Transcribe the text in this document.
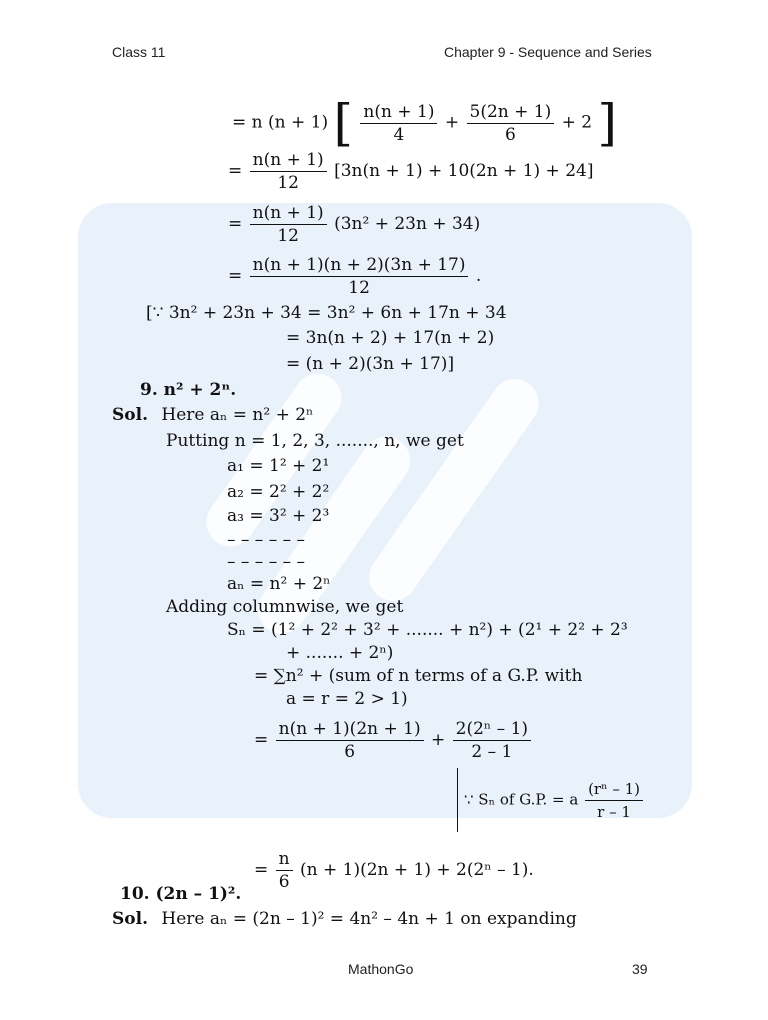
Class 11	Chapter 9 - Sequence and Series
= n (n + 1) [ $\frac{n(n + 1)}{4} + \frac{5(2n + 1)}{6} + 2$ ]
= $\frac{n(n + 1)}{12} [3n(n + 1) + 10(2n + 1) + 24]$
= $\frac{n(n + 1)}{12} (3n^2 + 23n + 34)$
= $\frac{n(n + 1)(n + 2)(3n + 17)}{12}$ .
[∵ 3n² + 23n + 34 = 3n² + 6n + 17n + 34
= 3n(n + 2) + 17(n + 2)
= (n + 2)(3n + 17)]
9. n² + 2ⁿ.
Sol. Here aₙ = n² + 2ⁿ
Putting n = 1, 2, 3, ......., n, we get
a₁ = 1² + 2¹
a₂ = 2² + 2²
a₃ = 3² + 2³
– – – – – –
– – – – – –
aₙ = n² + 2ⁿ
Adding columnwise, we get
Sₙ = (1² + 2² + 3² + ....... + n²) + (2¹ + 2² + 2³
+ ....... + 2ⁿ)
= ∑n² + (sum of n terms of a G.P. with
a = r = 2 > 1)
= $\frac{n(n + 1)(2n + 1)}{6} + \frac{\text{2(2ⁿ – 1)}}{2 - 1}$
∵ Sₙ of G.P. = a $\frac{\text{(rⁿ – 1)}}{r - 1}$
= $\frac{n}{6} (n + 1)(2n + 1) + 2(2^n - 1)$.
10. (2n – 1)².
Sol. Here aₙ = (2n – 1)² = 4n² – 4n + 1 on expanding
MathonGo	39
